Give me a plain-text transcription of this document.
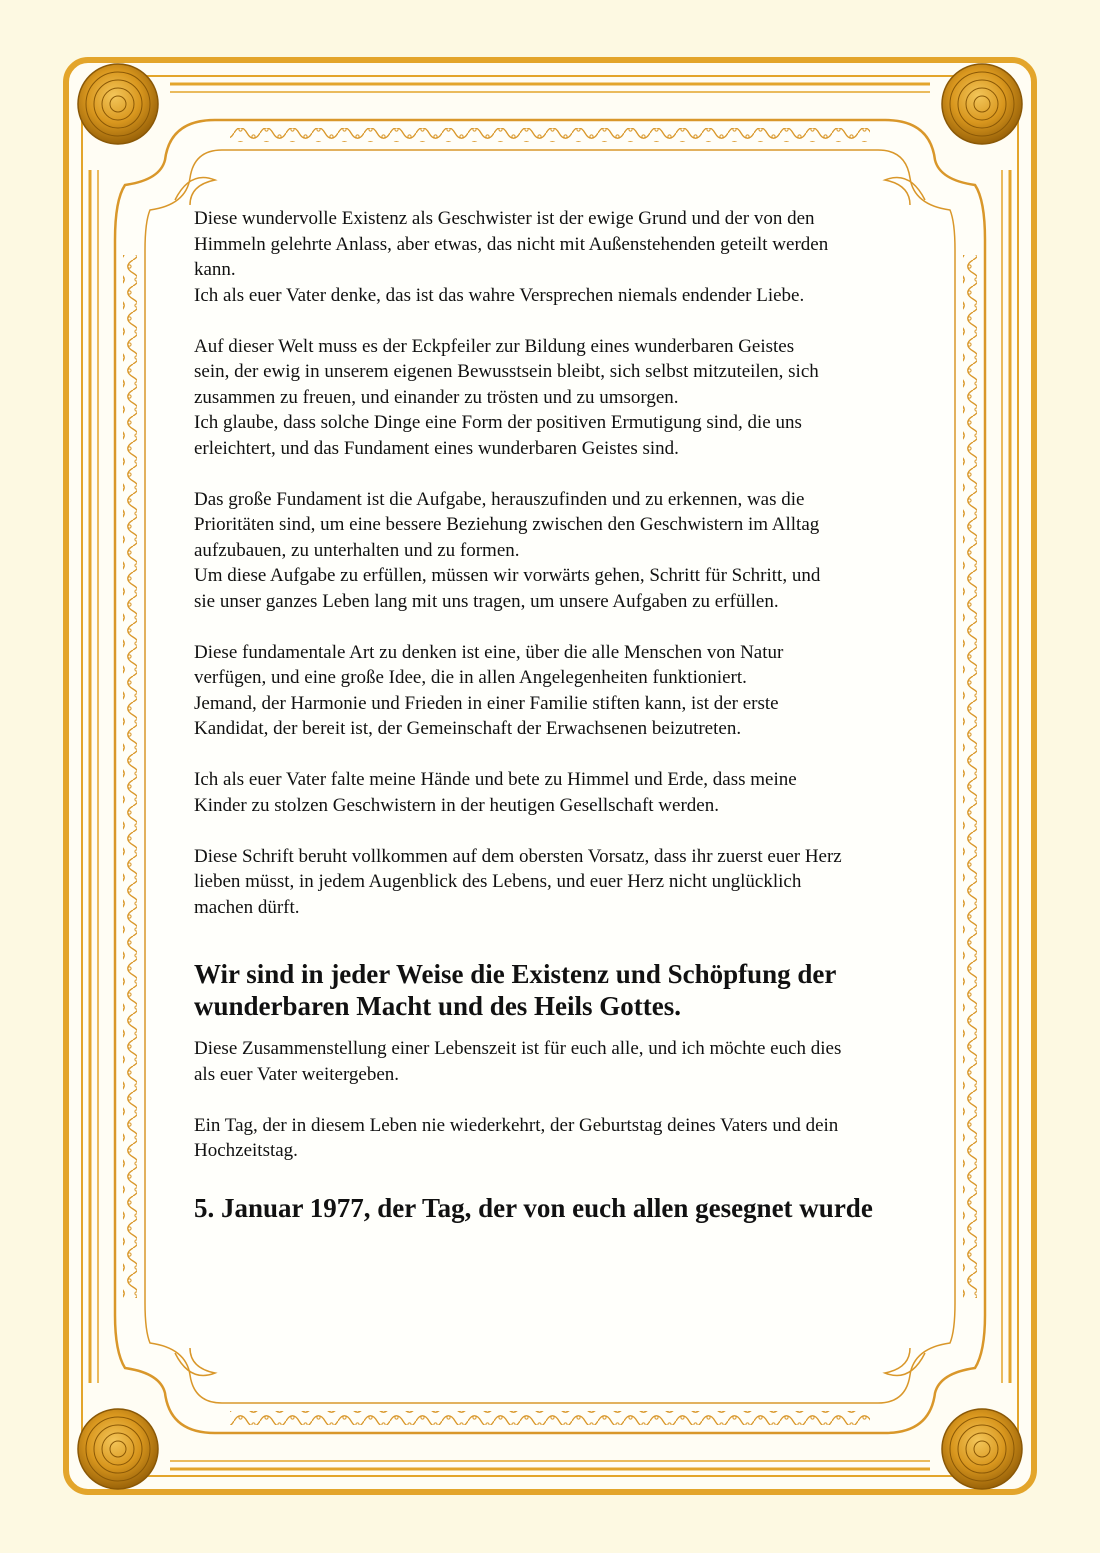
Diese wundervolle Existenz als Geschwister ist der ewige Grund und der von den
Himmeln gelehrte Anlass, aber etwas, das nicht mit Außenstehenden geteilt werden
kann.
Ich als euer Vater denke, das ist das wahre Versprechen niemals endender Liebe.

Auf dieser Welt muss es der Eckpfeiler zur Bildung eines wunderbaren Geistes
sein, der ewig in unserem eigenen Bewusstsein bleibt, sich selbst mitzuteilen, sich
zusammen zu freuen, und einander zu trösten und zu umsorgen.
Ich glaube, dass solche Dinge eine Form der positiven Ermutigung sind, die uns
erleichtert, und das Fundament eines wunderbaren Geistes sind.

Das große Fundament ist die Aufgabe, herauszufinden und zu erkennen, was die
Prioritäten sind, um eine bessere Beziehung zwischen den Geschwistern im Alltag
aufzubauen, zu unterhalten und zu formen.
Um diese Aufgabe zu erfüllen, müssen wir vorwärts gehen, Schritt für Schritt, und
sie unser ganzes Leben lang mit uns tragen, um unsere Aufgaben zu erfüllen.

Diese fundamentale Art zu denken ist eine, über die alle Menschen von Natur
verfügen, und eine große Idee, die in allen Angelegenheiten funktioniert.
Jemand, der Harmonie und Frieden in einer Familie stiften kann, ist der erste
Kandidat, der bereit ist, der Gemeinschaft der Erwachsenen beizutreten.

Ich als euer Vater falte meine Hände und bete zu Himmel und Erde, dass meine
Kinder zu stolzen Geschwistern in der heutigen Gesellschaft werden.

Diese Schrift beruht vollkommen auf dem obersten Vorsatz, dass ihr zuerst euer Herz
lieben müsst, in jedem Augenblick des Lebens, und euer Herz nicht unglücklich
machen dürft.

Wir sind in jeder Weise die Existenz und Schöpfung der
wunderbaren Macht und des Heils Gottes.

Diese Zusammenstellung einer Lebenszeit ist für euch alle, und ich möchte euch dies
als euer Vater weitergeben.

Ein Tag, der in diesem Leben nie wiederkehrt, der Geburtstag deines Vaters und dein
Hochzeitstag.

5. Januar 1977, der Tag, der von euch allen gesegnet wurde
